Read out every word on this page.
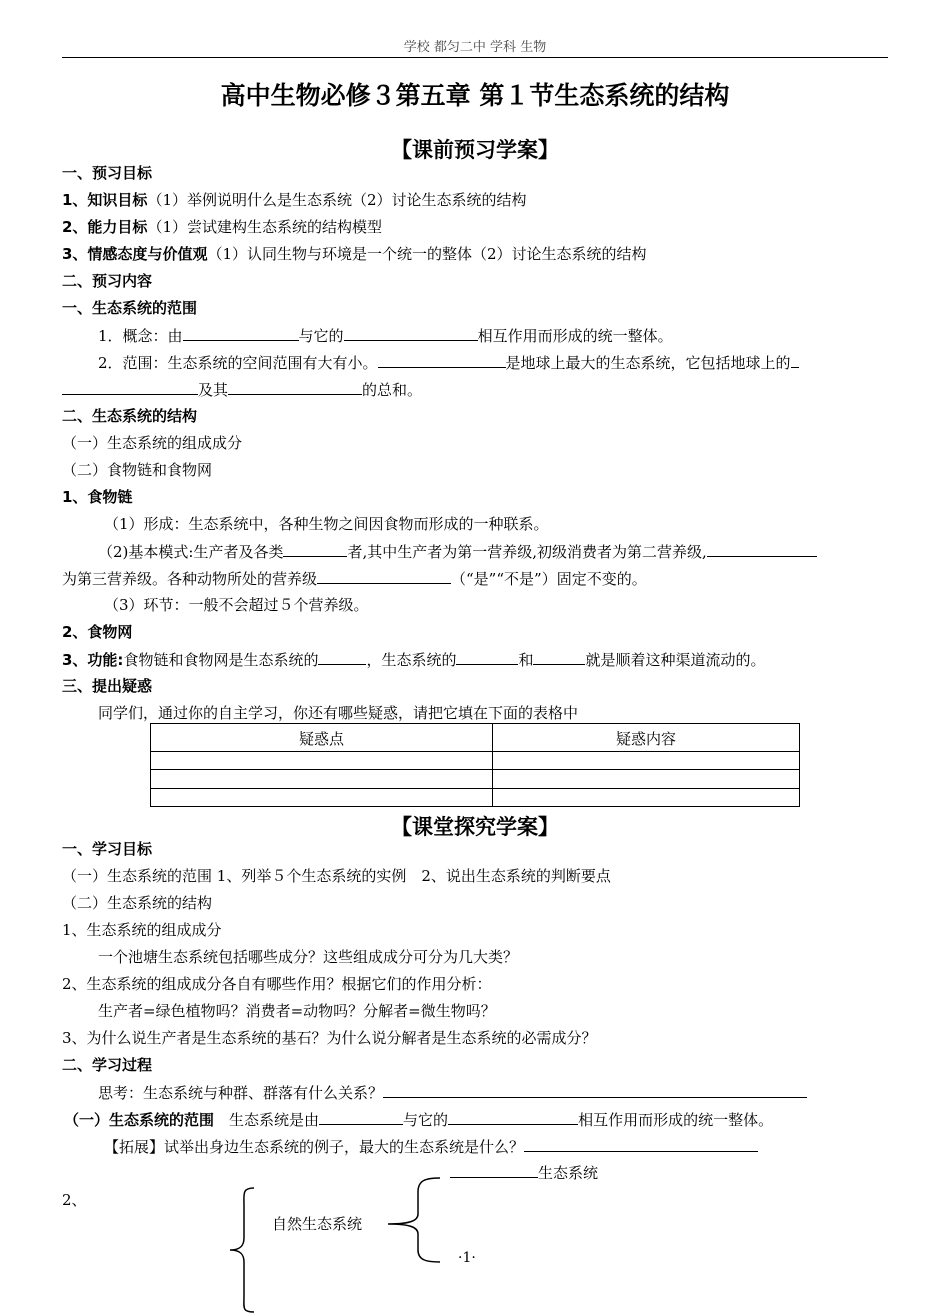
学校 都匀二中 学科 生物
高中生物必修３第五章 第１节生态系统的结构
【课前预习学案】
一、预习目标
1、知识目标（1）举例说明什么是生态系统（2）讨论生态系统的结构
2、能力目标（1）尝试建构生态系统的结构模型
3、情感态度与价值观（1）认同生物与环境是一个统一的整体（2）讨论生态系统的结构
二、预习内容
一、生态系统的范围
1．概念：由	与它的	相互作用而形成的统一整体。
2．范围：生态系统的空间范围有大有小。	是地球上最大的生态系统，它包括地球上的
及其	的总和。
二、生态系统的结构
（一）生态系统的组成成分
（二）食物链和食物网
1、食物链
（1）形成：生态系统中，各种生物之间因食物而形成的一种联系。
（2)基本模式:生产者及各类	者,其中生产者为第一营养级,初级消费者为第二营养级,
为第三营养级。各种动物所处的营养级	（“是”“不是”）固定不变的。
（3）环节：一般不会超过５个营养级。
2、食物网
3、功能:食物链和食物网是生态系统的	，生态系统的	和	就是顺着这种渠道流动的。
三、提出疑惑
同学们，通过你的自主学习，你还有哪些疑惑，请把它填在下面的表格中
疑惑点	疑惑内容
【课堂探究学案】
一、学习目标
（一）生态系统的范围 1、列举５个生态系统的实例　2、说出生态系统的判断要点
（二）生态系统的结构
1、生态系统的组成成分
一个池塘生态系统包括哪些成分？这些组成成分可分为几大类？
2、生态系统的组成成分各自有哪些作用？根据它们的作用分析：
生产者=绿色植物吗？消费者=动物吗？分解者=微生物吗？
3、为什么说生产者是生态系统的基石？为什么说分解者是生态系统的必需成分？
二、学习过程
思考：生态系统与种群、群落有什么关系？
（一）生态系统的范围　 生态系统是由	与它的	相互作用而形成的统一整体。
【拓展】试举出身边生态系统的例子，最大的生态系统是什么？
生态系统
2、
自然生态系统
·1·
